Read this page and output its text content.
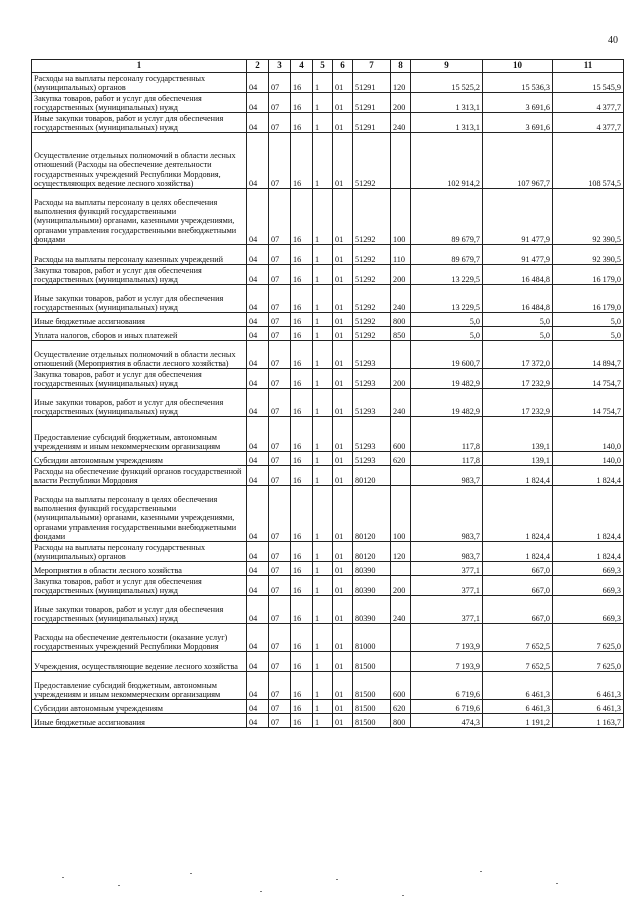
40
1	2	3	4	5	6	7	8	9	10	11
Расходы на выплаты персоналу государственных (муниципальных) органов	04	07	16	1	01	51291	120	15 525,2	15 536,3	15 545,9
Закупка товаров, работ и услуг для обеспечения государственных (муниципальных) нужд	04	07	16	1	01	51291	200	1 313,1	3 691,6	4 377,7
Иные закупки товаров, работ и услуг для обеспечения государственных (муниципальных) нужд	04	07	16	1	01	51291	240	1 313,1	3 691,6	4 377,7
Осуществление отдельных полномочий в области лесных отношений (Расходы на обеспечение деятельности государственных учреждений Республики Мордовия, осуществляющих ведение лесного хозяйства)	04	07	16	1	01	51292		102 914,2	107 967,7	108 574,5
Расходы на выплаты персоналу в целях обеспечения выполнения функций государственными (муниципальными) органами, казенными учреждениями, органами управления государственными внебюджетными фондами	04	07	16	1	01	51292	100	89 679,7	91 477,9	92 390,5
Расходы на выплаты персоналу казенных учреждений	04	07	16	1	01	51292	110	89 679,7	91 477,9	92 390,5
Закупка товаров, работ и услуг для обеспечения государственных (муниципальных) нужд	04	07	16	1	01	51292	200	13 229,5	16 484,8	16 179,0
Иные закупки товаров, работ и услуг для обеспечения государственных (муниципальных) нужд	04	07	16	1	01	51292	240	13 229,5	16 484,8	16 179,0
Иные бюджетные ассигнования	04	07	16	1	01	51292	800	5,0	5,0	5,0
Уплата налогов, сборов и иных платежей	04	07	16	1	01	51292	850	5,0	5,0	5,0
Осуществление отдельных полномочий в области лесных отношений (Мероприятия в области лесного хозяйства)	04	07	16	1	01	51293		19 600,7	17 372,0	14 894,7
Закупка товаров, работ и услуг для обеспечения государственных (муниципальных) нужд	04	07	16	1	01	51293	200	19 482,9	17 232,9	14 754,7
Иные закупки товаров, работ и услуг для обеспечения государственных (муниципальных) нужд	04	07	16	1	01	51293	240	19 482,9	17 232,9	14 754,7
Предоставление субсидий бюджетным, автономным учреждениям и иным некоммерческим организациям	04	07	16	1	01	51293	600	117,8	139,1	140,0
Субсидии автономным учреждениям	04	07	16	1	01	51293	620	117,8	139,1	140,0
Расходы на обеспечение функций органов государственной власти Республики Мордовия	04	07	16	1	01	80120		983,7	1 824,4	1 824,4
Расходы на выплаты персоналу в целях обеспечения выполнения функций государственными (муниципальными) органами, казенными учреждениями, органами управления государственными внебюджетными фондами	04	07	16	1	01	80120	100	983,7	1 824,4	1 824,4
Расходы на выплаты персоналу государственных (муниципальных) органов	04	07	16	1	01	80120	120	983,7	1 824,4	1 824,4
Мероприятия в области лесного хозяйства	04	07	16	1	01	80390		377,1	667,0	669,3
Закупка товаров, работ и услуг для обеспечения государственных (муниципальных) нужд	04	07	16	1	01	80390	200	377,1	667,0	669,3
Иные закупки товаров, работ и услуг для обеспечения государственных (муниципальных) нужд	04	07	16	1	01	80390	240	377,1	667,0	669,3
Расходы на обеспечение деятельности (оказание услуг) государственных учреждений Республики Мордовия	04	07	16	1	01	81000		7 193,9	7 652,5	7 625,0
Учреждения, осуществляющие ведение лесного хозяйства	04	07	16	1	01	81500		7 193,9	7 652,5	7 625,0
Предоставление субсидий бюджетным, автономным учреждениям и иным некоммерческим организациям	04	07	16	1	01	81500	600	6 719,6	6 461,3	6 461,3
Субсидии автономным учреждениям	04	07	16	1	01	81500	620	6 719,6	6 461,3	6 461,3
Иные бюджетные ассигнования	04	07	16	1	01	81500	800	474,3	1 191,2	1 163,7
